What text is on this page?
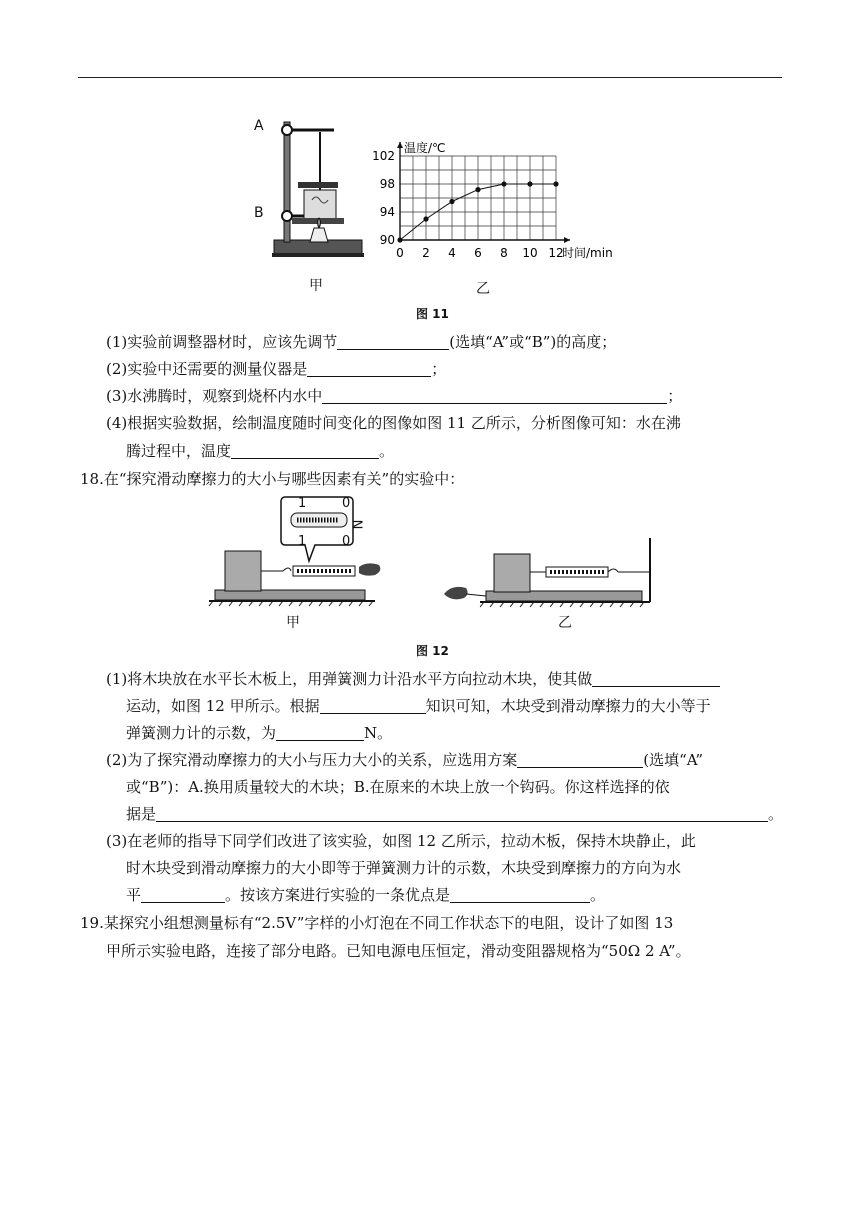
A
B
甲
0 2 4 6 8 10 12
90
94
98
102
温度/℃
时间/min
乙
图 11
(1)实验前调整器材时，应该先调节	(选填“A”或“B”)的高度；
(2)实验中还需要的测量仪器是	；
(3)水沸腾时，观察到烧杯内水中	；
(4)根据实验数据，绘制温度随时间变化的图像如图 11 乙所示，分析图像可知：水在沸
腾过程中，温度	。
18.在“探究滑动摩擦力的大小与哪些因素有关”的实验中：
1	0
1	0
N
甲	乙
图 12
(1)将木块放在水平长木板上，用弹簧测力计沿水平方向拉动木块，使其做
运动，如图 12 甲所示。根据	知识可知，木块受到滑动摩擦力的大小等于
弹簧测力计的示数，为	N。
(2)为了探究滑动摩擦力的大小与压力大小的关系，应选用方案	(选填“A”
或“B”)：A.换用质量较大的木块；B.在原来的木块上放一个钩码。你这样选择的依
据是	。
(3)在老师的指导下同学们改进了该实验，如图 12 乙所示，拉动木板，保持木块静止，此
时木块受到滑动摩擦力的大小即等于弹簧测力计的示数，木块受到摩擦力的方向为水
平	。按该方案进行实验的一条优点是	。
19.某探究小组想测量标有“2.5V”字样的小灯泡在不同工作状态下的电阻，设计了如图 13
甲所示实验电路，连接了部分电路。已知电源电压恒定，滑动变阻器规格为“50Ω 2 A”。
